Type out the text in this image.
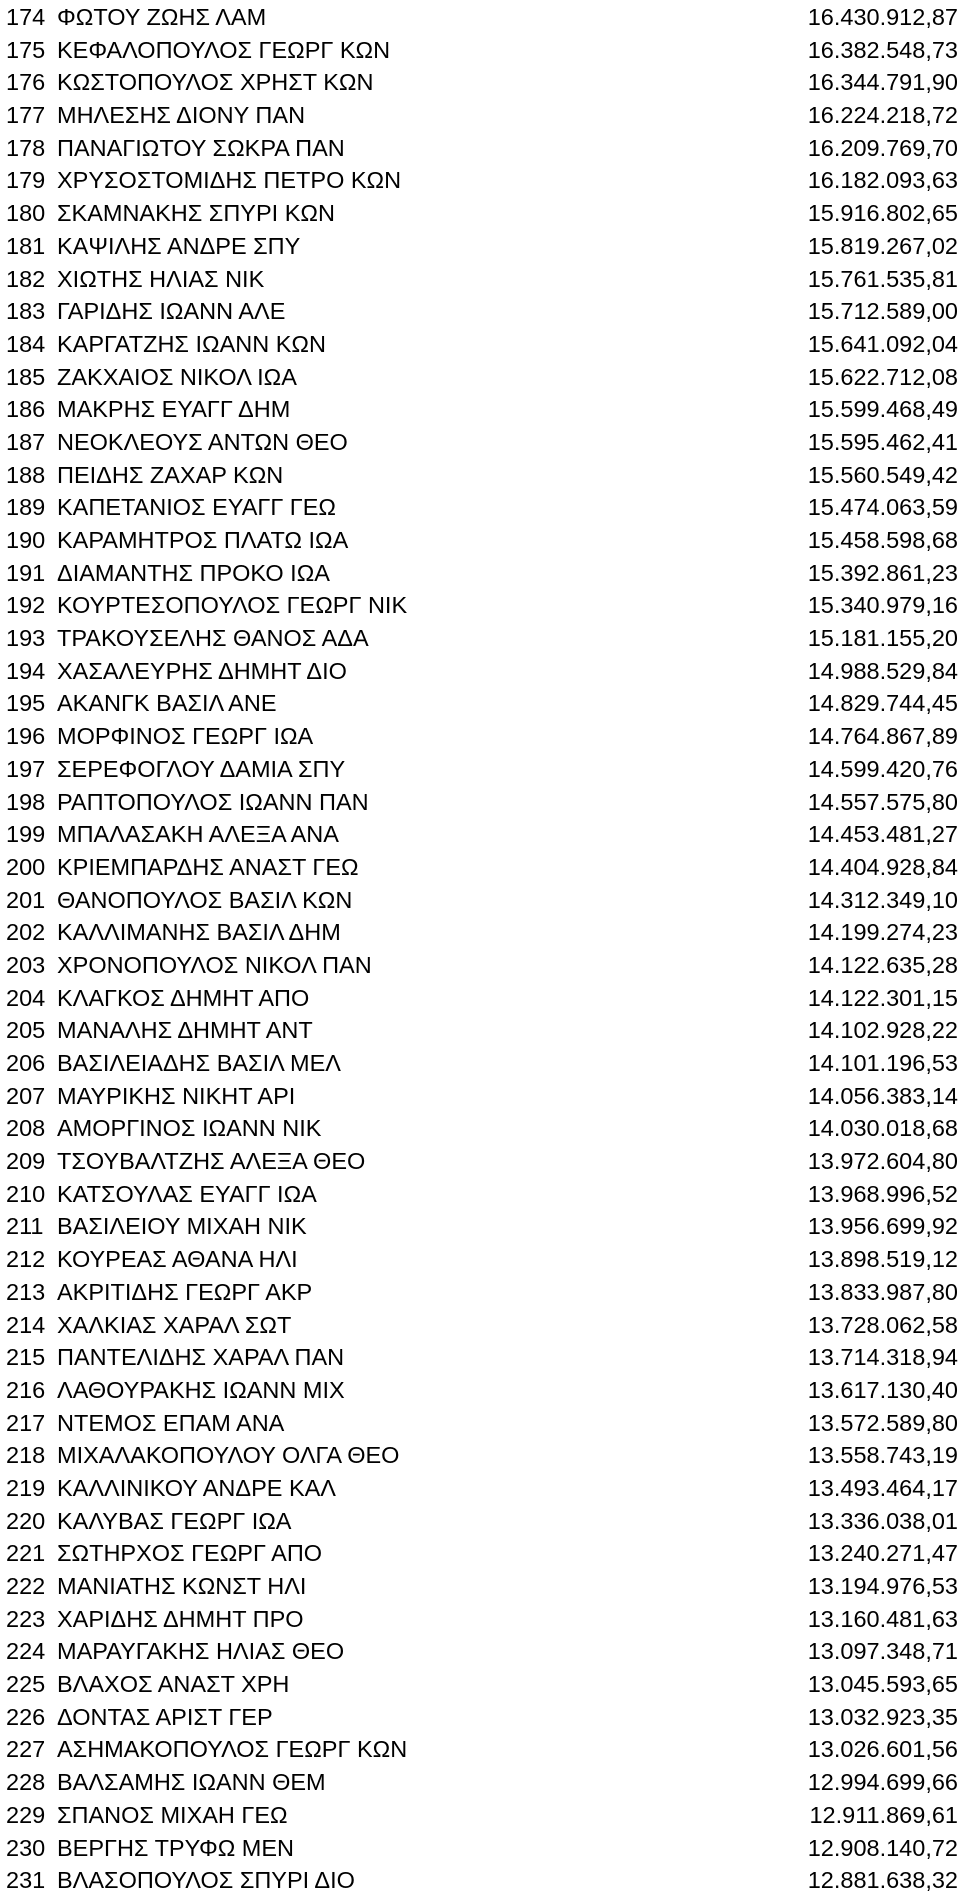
174 ΦΩΤΟΥ ΖΩΗΣ ΛΑΜ	16.430.912,87
175 ΚΕΦΑΛΟΠΟΥΛΟΣ ΓΕΩΡΓ ΚΩΝ	16.382.548,73
176 ΚΩΣΤΟΠΟΥΛΟΣ ΧΡΗΣΤ ΚΩΝ	16.344.791,90
177 ΜΗΛΕΣΗΣ ΔΙΟΝΥ ΠΑΝ	16.224.218,72
178 ΠΑΝΑΓΙΩΤΟΥ ΣΩΚΡΑ ΠΑΝ	16.209.769,70
179 ΧΡΥΣΟΣΤΟΜΙΔΗΣ ΠΕΤΡΟ ΚΩΝ	16.182.093,63
180 ΣΚΑΜΝΑΚΗΣ ΣΠΥΡΙ ΚΩΝ	15.916.802,65
181 ΚΑΨΙΛΗΣ ΑΝΔΡΕ ΣΠΥ	15.819.267,02
182 ΧΙΩΤΗΣ ΗΛΙΑΣ ΝΙΚ	15.761.535,81
183 ΓΑΡΙΔΗΣ ΙΩΑΝΝ ΑΛΕ	15.712.589,00
184 ΚΑΡΓΑΤΖΗΣ ΙΩΑΝΝ ΚΩΝ	15.641.092,04
185 ΖΑΚΧΑΙΟΣ ΝΙΚΟΛ ΙΩΑ	15.622.712,08
186 ΜΑΚΡΗΣ ΕΥΑΓΓ ΔΗΜ	15.599.468,49
187 ΝΕΟΚΛΕΟΥΣ ΑΝΤΩΝ ΘΕΟ	15.595.462,41
188 ΠΕΙΔΗΣ ΖΑΧΑΡ ΚΩΝ	15.560.549,42
189 ΚΑΠΕΤΑΝΙΟΣ ΕΥΑΓΓ ΓΕΩ	15.474.063,59
190 ΚΑΡΑΜΗΤΡΟΣ ΠΛΑΤΩ ΙΩΑ	15.458.598,68
191 ΔΙΑΜΑΝΤΗΣ ΠΡΟΚΟ ΙΩΑ	15.392.861,23
192 ΚΟΥΡΤΕΣΟΠΟΥΛΟΣ ΓΕΩΡΓ ΝΙΚ	15.340.979,16
193 ΤΡΑΚΟΥΣΕΛΗΣ ΘΑΝΟΣ ΑΔΑ	15.181.155,20
194 ΧΑΣΑΛΕΥΡΗΣ ΔΗΜΗΤ ΔΙΟ	14.988.529,84
195 ΑΚΑΝΓΚ ΒΑΣΙΛ ΑΝΕ	14.829.744,45
196 ΜΟΡΦΙΝΟΣ ΓΕΩΡΓ ΙΩΑ	14.764.867,89
197 ΣΕΡΕΦΟΓΛΟΥ ΔΑΜΙΑ ΣΠΥ	14.599.420,76
198 ΡΑΠΤΟΠΟΥΛΟΣ ΙΩΑΝΝ ΠΑΝ	14.557.575,80
199 ΜΠΑΛΑΣΑΚΗ ΑΛΕΞΑ ΑΝΑ	14.453.481,27
200 ΚΡΙΕΜΠΑΡΔΗΣ ΑΝΑΣΤ ΓΕΩ	14.404.928,84
201 ΘΑΝΟΠΟΥΛΟΣ ΒΑΣΙΛ ΚΩΝ	14.312.349,10
202 ΚΑΛΛΙΜΑΝΗΣ ΒΑΣΙΛ ΔΗΜ	14.199.274,23
203 ΧΡΟΝΟΠΟΥΛΟΣ ΝΙΚΟΛ ΠΑΝ	14.122.635,28
204 ΚΛΑΓΚΟΣ ΔΗΜΗΤ ΑΠΟ	14.122.301,15
205 ΜΑΝΑΛΗΣ ΔΗΜΗΤ ΑΝΤ	14.102.928,22
206 ΒΑΣΙΛΕΙΑΔΗΣ ΒΑΣΙΛ ΜΕΛ	14.101.196,53
207 ΜΑΥΡΙΚΗΣ ΝΙΚΗΤ ΑΡΙ	14.056.383,14
208 ΑΜΟΡΓΙΝΟΣ ΙΩΑΝΝ ΝΙΚ	14.030.018,68
209 ΤΣΟΥΒΑΛΤΖΗΣ ΑΛΕΞΑ ΘΕΟ	13.972.604,80
210 ΚΑΤΣΟΥΛΑΣ ΕΥΑΓΓ ΙΩΑ	13.968.996,52
211 ΒΑΣΙΛΕΙΟΥ ΜΙΧΑΗ ΝΙΚ	13.956.699,92
212 ΚΟΥΡΕΑΣ ΑΘΑΝΑ ΗΛΙ	13.898.519,12
213 ΑΚΡΙΤΙΔΗΣ ΓΕΩΡΓ ΑΚΡ	13.833.987,80
214 ΧΑΛΚΙΑΣ ΧΑΡΑΛ ΣΩΤ	13.728.062,58
215 ΠΑΝΤΕΛΙΔΗΣ ΧΑΡΑΛ ΠΑΝ	13.714.318,94
216 ΛΑΘΟΥΡΑΚΗΣ ΙΩΑΝΝ ΜΙΧ	13.617.130,40
217 ΝΤΕΜΟΣ ΕΠΑΜ ΑΝΑ	13.572.589,80
218 ΜΙΧΑΛΑΚΟΠΟΥΛΟΥ ΟΛΓΑ ΘΕΟ	13.558.743,19
219 ΚΑΛΛΙΝΙΚΟΥ ΑΝΔΡΕ ΚΑΛ	13.493.464,17
220 ΚΑΛΥΒΑΣ ΓΕΩΡΓ ΙΩΑ	13.336.038,01
221 ΣΩΤΗΡΧΟΣ ΓΕΩΡΓ ΑΠΟ	13.240.271,47
222 ΜΑΝΙΑΤΗΣ ΚΩΝΣΤ ΗΛΙ	13.194.976,53
223 ΧΑΡΙΔΗΣ ΔΗΜΗΤ ΠΡΟ	13.160.481,63
224 ΜΑΡΑΥΓΑΚΗΣ ΗΛΙΑΣ ΘΕΟ	13.097.348,71
225 ΒΛΑΧΟΣ ΑΝΑΣΤ ΧΡΗ	13.045.593,65
226 ΔΟΝΤΑΣ ΑΡΙΣΤ ΓΕΡ	13.032.923,35
227 ΑΣΗΜΑΚΟΠΟΥΛΟΣ ΓΕΩΡΓ ΚΩΝ	13.026.601,56
228 ΒΑΛΣΑΜΗΣ ΙΩΑΝΝ ΘΕΜ	12.994.699,66
229 ΣΠΑΝΟΣ ΜΙΧΑΗ ΓΕΩ	12.911.869,61
230 ΒΕΡΓΗΣ ΤΡΥΦΩ ΜΕΝ	12.908.140,72
231 ΒΛΑΣΟΠΟΥΛΟΣ ΣΠΥΡΙ ΔΙΟ	12.881.638,32
